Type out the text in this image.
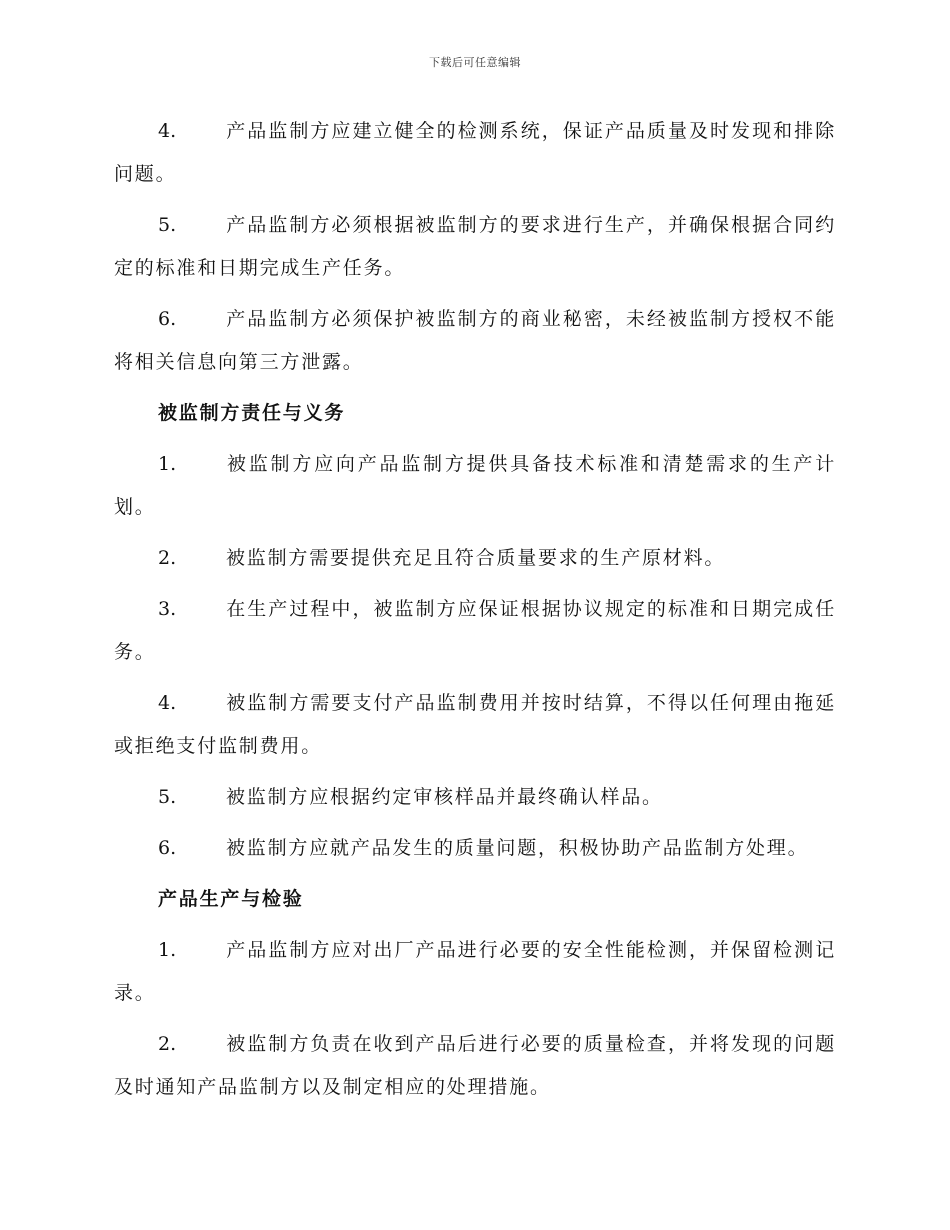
下载后可任意编辑

4.	产品监制方应建立健全的检测系统，保证产品质量及时发现和排除问题。

5.	产品监制方必须根据被监制方的要求进行生产，并确保根据合同约定的标准和日期完成生产任务。

6.	产品监制方必须保护被监制方的商业秘密，未经被监制方授权不能将相关信息向第三方泄露。

被监制方责任与义务

1.	被监制方应向产品监制方提供具备技术标准和清楚需求的生产计划。

2.	被监制方需要提供充足且符合质量要求的生产原材料。

3.	在生产过程中，被监制方应保证根据协议规定的标准和日期完成任务。

4.	被监制方需要支付产品监制费用并按时结算，不得以任何理由拖延或拒绝支付监制费用。

5.	被监制方应根据约定审核样品并最终确认样品。

6.	被监制方应就产品发生的质量问题，积极协助产品监制方处理。

产品生产与检验

1.	产品监制方应对出厂产品进行必要的安全性能检测，并保留检测记录。

2.	被监制方负责在收到产品后进行必要的质量检查，并将发现的问题及时通知产品监制方以及制定相应的处理措施。
